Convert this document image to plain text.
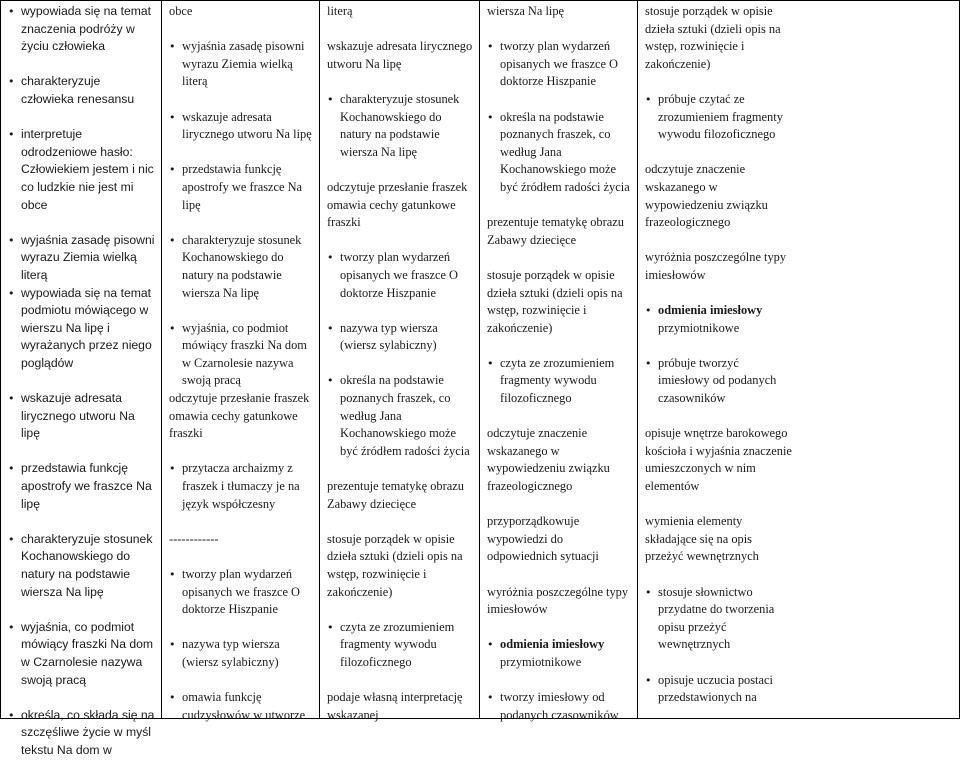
• wypowiada się na temat znaczenia podróży w życiu człowieka
• charakteryzuje człowieka renesansu
• interpretuje odrodzeniowe hasło: Człowiekiem jestem i nic co ludzkie nie jest mi obce
• wyjaśnia zasadę pisowni wyrazu Ziemia wielką literą
• wypowiada się na temat podmiotu mówiącego w wierszu Na lipę i wyrażanych przez niego poglądów
• wskazuje adresata lirycznego utworu Na lipę
• przedstawia funkcję apostrofy we fraszce Na lipę
• charakteryzuje stosunek Kochanowskiego do natury na podstawie wiersza Na lipę
• wyjaśnia, co podmiot mówiący fraszki Na dom w Czarnolesie nazywa swoją pracą
• określa, co składa się na szczęśliwe życie w myśl tekstu Na dom w
obce
• wyjaśnia zasadę pisowni wyrazu Ziemia wielką literą
• wskazuje adresata lirycznego utworu Na lipę
• przedstawia funkcję apostrofy we fraszce Na lipę
• charakteryzuje stosunek Kochanowskiego do natury na podstawie wiersza Na lipę
• wyjaśnia, co podmiot mówiący fraszki Na dom w Czarnolesie nazywa swoją pracą
odczytuje przesłanie fraszek omawia cechy gatunkowe fraszki
• przytacza archaizmy z fraszek i tłumaczy je na język współczesny
------------
• tworzy plan wydarzeń opisanych we fraszce O doktorze Hiszpanie
• nazywa typ wiersza (wiersz sylabiczny)
• omawia funkcję cudzysłowów w utworze
literą
wskazuje adresata lirycznego utworu Na lipę
• charakteryzuje stosunek Kochanowskiego do natury na podstawie wiersza Na lipę
odczytuje przesłanie fraszek omawia cechy gatunkowe fraszki
• tworzy plan wydarzeń opisanych we fraszce O doktorze Hiszpanie
• nazywa typ wiersza (wiersz sylabiczny)
• określa na podstawie poznanych fraszek, co według Jana Kochanowskiego może być źródłem radości życia
prezentuje tematykę obrazu Zabawy dziecięce
stosuje porządek w opisie dzieła sztuki (dzieli opis na wstęp, rozwinięcie i zakończenie)
• czyta ze zrozumieniem fragmenty wywodu filozoficznego
podaje własną interpretację wskazanej
wiersza Na lipę
• tworzy plan wydarzeń opisanych we fraszce O doktorze Hiszpanie
• określa na podstawie poznanych fraszek, co według Jana Kochanowskiego może być źródłem radości życia
prezentuje tematykę obrazu Zabawy dziecięce
stosuje porządek w opisie dzieła sztuki (dzieli opis na wstęp, rozwinięcie i zakończenie)
• czyta ze zrozumieniem fragmenty wywodu filozoficznego
odczytuje znaczenie wskazanego w wypowiedzeniu związku frazeologicznego
przyporządkowuje wypowiedzi do odpowiednich sytuacji
wyróżnia poszczególne typy imiesłowów
• odmienia imiesłowy przymiotnikowe
• tworzy imiesłowy od podanych czasowników
stosuje porządek w opisie dzieła sztuki (dzieli opis na wstęp, rozwinięcie i zakończenie)
• próbuje czytać ze zrozumieniem fragmenty wywodu filozoficznego
odczytuje znaczenie wskazanego w wypowiedzeniu związku frazeologicznego
wyróżnia poszczególne typy imiesłowów
• odmienia imiesłowy przymiotnikowe
• próbuje tworzyć imiesłowy od podanych czasowników
opisuje wnętrze barokowego kościoła i wyjaśnia znaczenie umieszczonych w nim elementów
wymienia elementy składające się na opis przeżyć wewnętrznych
• stosuje słownictwo przydatne do tworzenia opisu przeżyć wewnętrznych
• opisuje uczucia postaci przedstawionych na
